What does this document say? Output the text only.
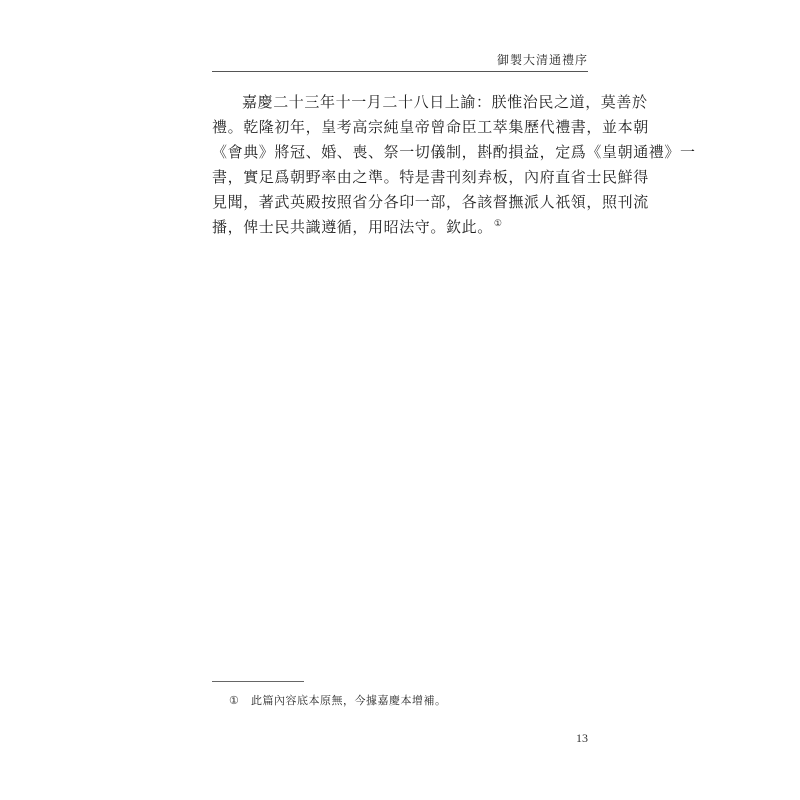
御製大清通禮序
嘉慶二十三年十一月二十八日上諭：朕惟治民之道，莫善於
禮。乾隆初年，皇考高宗純皇帝曾命臣工萃集歷代禮書，並本朝
《會典》將冠、婚、喪、祭一切儀制，斟酌損益，定爲《皇朝通禮》一
書，實足爲朝野率由之準。特是書刊刻弆板，內府直省士民鮮得
見聞，著武英殿按照省分各印一部，各該督撫派人祇領，照刊流
播，俾士民共識遵循，用昭法守。欽此。①
① 此篇內容底本原無，今據嘉慶本增補。
13
